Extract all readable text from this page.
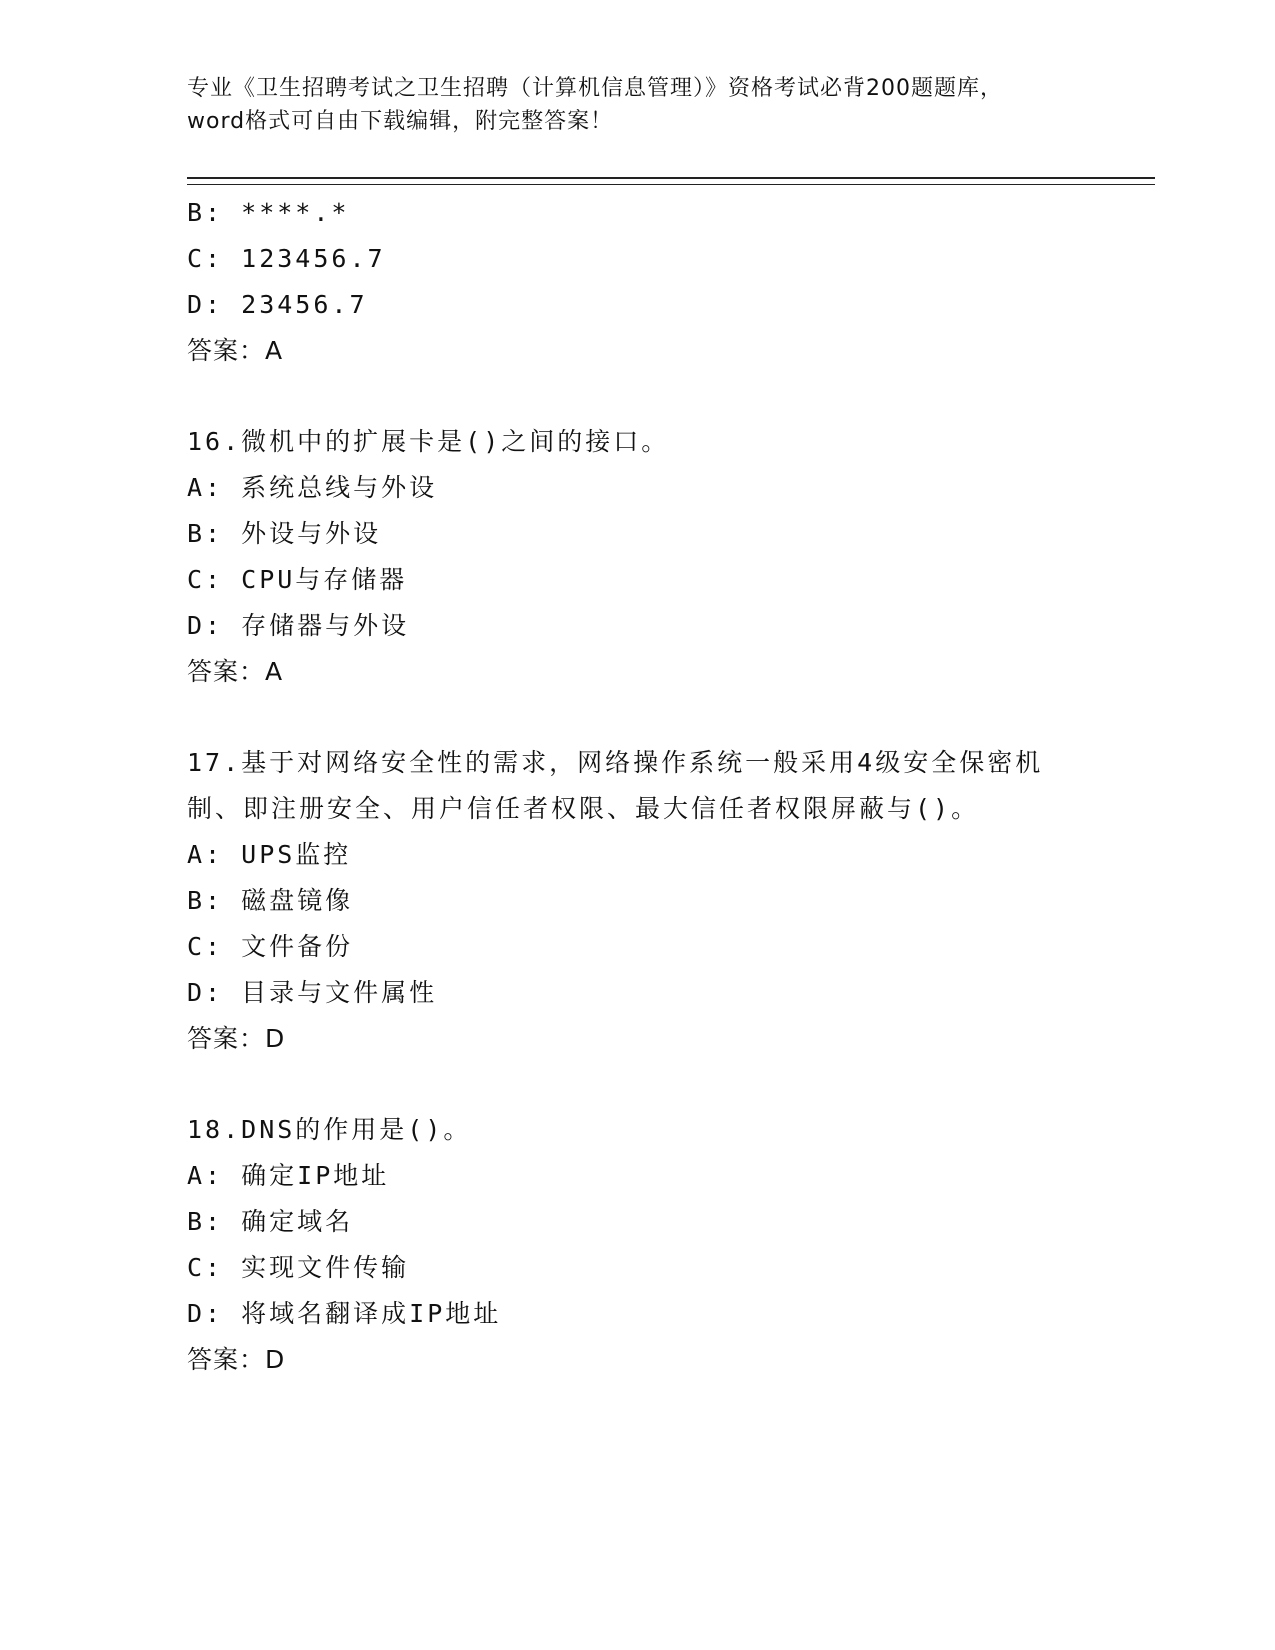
专业《卫生招聘考试之卫生招聘（计算机信息管理）》资格考试必背200题题库，
word格式可自由下载编辑，附完整答案！
B: ****.*
C: 123456.7
D: 23456.7
答案：A
16.微机中的扩展卡是()之间的接口。
A: 系统总线与外设
B: 外设与外设
C: CPU与存储器
D: 存储器与外设
答案：A
17.基于对网络安全性的需求，网络操作系统一般采用4级安全保密机
制、即注册安全、用户信任者权限、最大信任者权限屏蔽与()。
A: UPS监控
B: 磁盘镜像
C: 文件备份
D: 目录与文件属性
答案：D
18.DNS的作用是()。
A: 确定IP地址
B: 确定域名
C: 实现文件传输
D: 将域名翻译成IP地址
答案：D
